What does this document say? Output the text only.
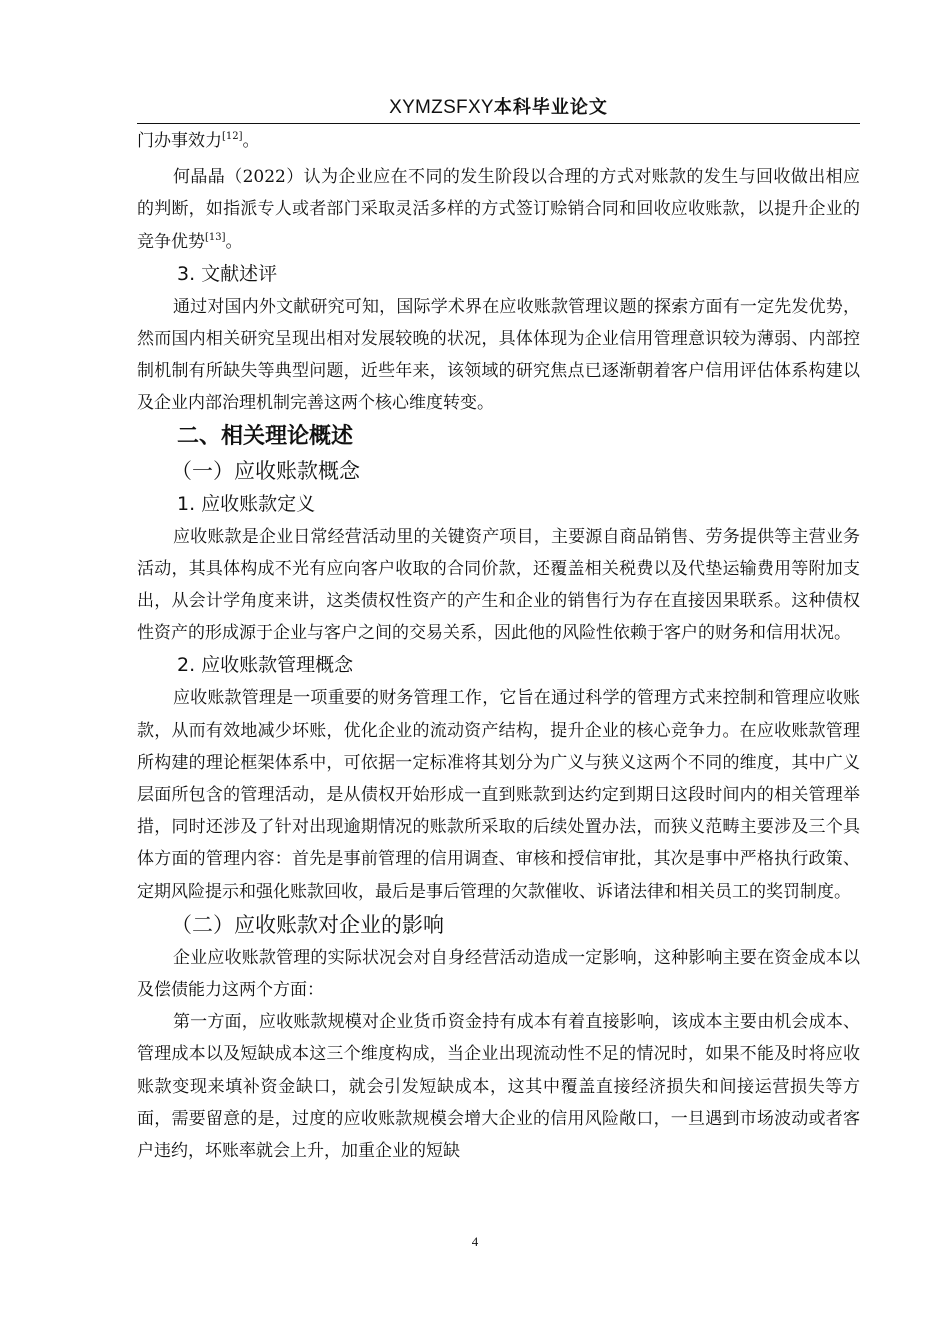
XYMZSFXY本科毕业论文

门办事效力[12]。

何晶晶（2022）认为企业应在不同的发生阶段以合理的方式对账款的发生与回收做出相应的判断，如指派专人或者部门采取灵活多样的方式签订赊销合同和回收应收账款，以提升企业的竞争优势[13]。

3. 文献述评

通过对国内外文献研究可知，国际学术界在应收账款管理议题的探索方面有一定先发优势，然而国内相关研究呈现出相对发展较晚的状况，具体体现为企业信用管理意识较为薄弱、内部控制机制有所缺失等典型问题，近些年来，该领域的研究焦点已逐渐朝着客户信用评估体系构建以及企业内部治理机制完善这两个核心维度转变。

二、相关理论概述

（一）应收账款概念

1. 应收账款定义

应收账款是企业日常经营活动里的关键资产项目，主要源自商品销售、劳务提供等主营业务活动，其具体构成不光有应向客户收取的合同价款，还覆盖相关税费以及代垫运输费用等附加支出，从会计学角度来讲，这类债权性资产的产生和企业的销售行为存在直接因果联系。这种债权性资产的形成源于企业与客户之间的交易关系，因此他的风险性依赖于客户的财务和信用状况。

2. 应收账款管理概念

应收账款管理是一项重要的财务管理工作，它旨在通过科学的管理方式来控制和管理应收账款，从而有效地减少坏账，优化企业的流动资产结构，提升企业的核心竞争力。在应收账款管理所构建的理论框架体系中，可依据一定标准将其划分为广义与狭义这两个不同的维度，其中广义层面所包含的管理活动，是从债权开始形成一直到账款到达约定到期日这段时间内的相关管理举措，同时还涉及了针对出现逾期情况的账款所采取的后续处置办法，而狭义范畴主要涉及三个具体方面的管理内容：首先是事前管理的信用调查、审核和授信审批，其次是事中严格执行政策、定期风险提示和强化账款回收，最后是事后管理的欠款催收、诉诸法律和相关员工的奖罚制度。

（二）应收账款对企业的影响

企业应收账款管理的实际状况会对自身经营活动造成一定影响，这种影响主要在资金成本以及偿债能力这两个方面：

第一方面，应收账款规模对企业货币资金持有成本有着直接影响，该成本主要由机会成本、管理成本以及短缺成本这三个维度构成，当企业出现流动性不足的情况时，如果不能及时将应收账款变现来填补资金缺口，就会引发短缺成本，这其中覆盖直接经济损失和间接运营损失等方面，需要留意的是，过度的应收账款规模会增大企业的信用风险敞口，一旦遇到市场波动或者客户违约，坏账率就会上升，加重企业的短缺

4
